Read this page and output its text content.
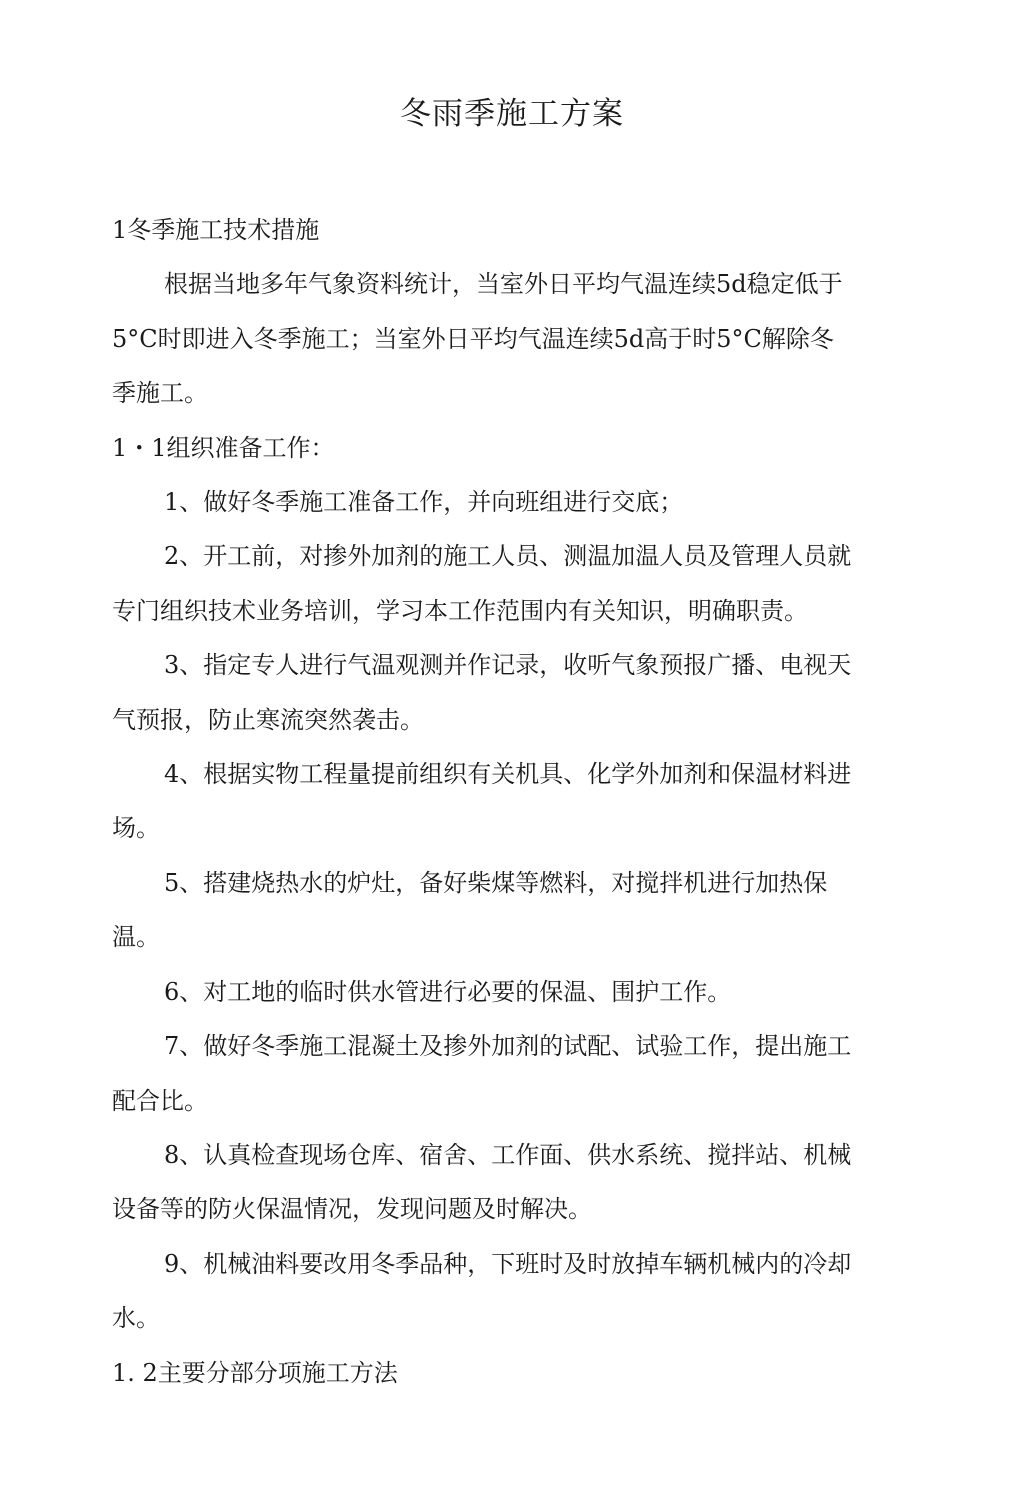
冬雨季施工方案

1冬季施工技术措施

根据当地多年气象资料统计，当室外日平均气温连续5d稳定低于5°C时即进入冬季施工；当室外日平均气温连续5d高于时5°C解除冬季施工。

1・1组织准备工作：

1、做好冬季施工准备工作，并向班组进行交底；

2、开工前，对掺外加剂的施工人员、测温加温人员及管理人员就专门组织技术业务培训，学习本工作范围内有关知识，明确职责。

3、指定专人进行气温观测并作记录，收听气象预报广播、电视天气预报，防止寒流突然袭击。

4、根据实物工程量提前组织有关机具、化学外加剂和保温材料进场。

5、搭建烧热水的炉灶，备好柴煤等燃料，对搅拌机进行加热保温。

6、对工地的临时供水管进行必要的保温、围护工作。

7、做好冬季施工混凝土及掺外加剂的试配、试验工作，提出施工配合比。

8、认真检查现场仓库、宿舍、工作面、供水系统、搅拌站、机械设备等的防火保温情况，发现问题及时解决。

9、机械油料要改用冬季品种，下班时及时放掉车辆机械内的冷却水。

1. 2主要分部分项施工方法
